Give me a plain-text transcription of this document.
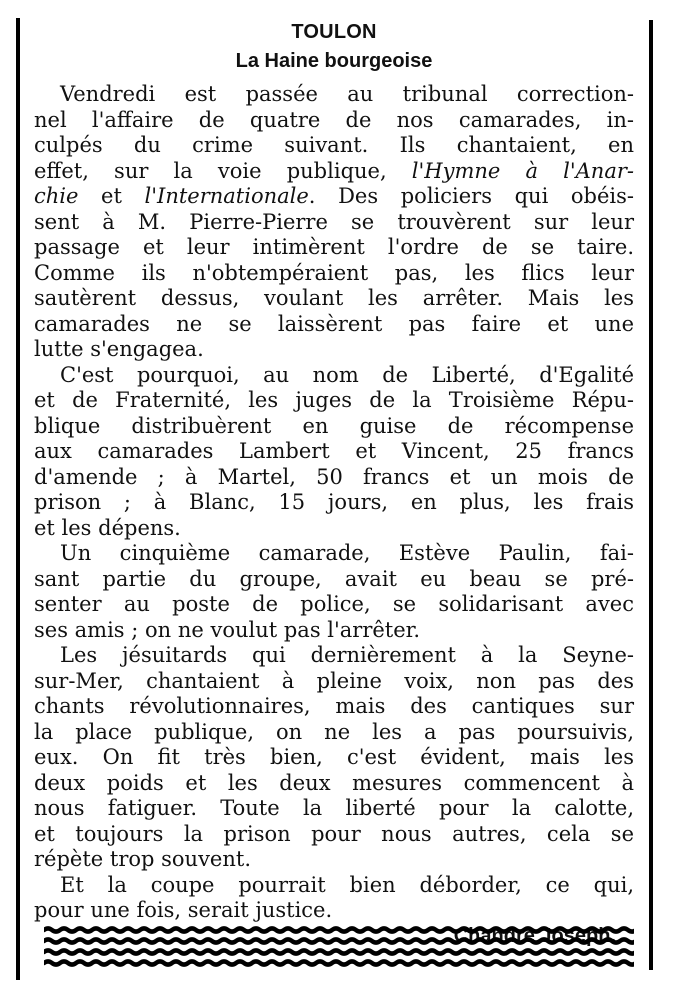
TOULON
La Haine bourgeoise
Vendredi est passée au tribunal correction-
nel l'affaire de quatre de nos camarades, in-
culpés du crime suivant. Ils chantaient, en
effet, sur la voie publique, l'Hymne à l'Anar-
chie et l'Internationale. Des policiers qui obéis-
sent à M. Pierre-Pierre se trouvèrent sur leur
passage et leur intimèrent l'ordre de se taire.
Comme ils n'obtempéraient pas, les flics leur
sautèrent dessus, voulant les arrêter. Mais les
camarades ne se laissèrent pas faire et une
lutte s'engagea.
C'est pourquoi, au nom de Liberté, d'Egalité
et de Fraternité, les juges de la Troisième Répu-
blique distribuèrent en guise de récompense
aux camarades Lambert et Vincent, 25 francs
d'amende ; à Martel, 50 francs et un mois de
prison ; à Blanc, 15 jours, en plus, les frais
et les dépens.
Un cinquième camarade, Estève Paulin, fai-
sant partie du groupe, avait eu beau se pré-
senter au poste de police, se solidarisant avec
ses amis ; on ne voulut pas l'arrêter.
Les jésuitards qui dernièrement à la Seyne-
sur-Mer, chantaient à pleine voix, non pas des
chants révolutionnaires, mais des cantiques sur
la place publique, on ne les a pas poursuivis,
eux. On fit très bien, c'est évident, mais les
deux poids et les deux mesures commencent à
nous fatiguer. Toute la liberté pour la calotte,
et toujours la prison pour nous autres, cela se
répète trop souvent.
Et la coupe pourrait bien déborder, ce qui,
pour une fois, serait justice.
Chandre Joseph.
